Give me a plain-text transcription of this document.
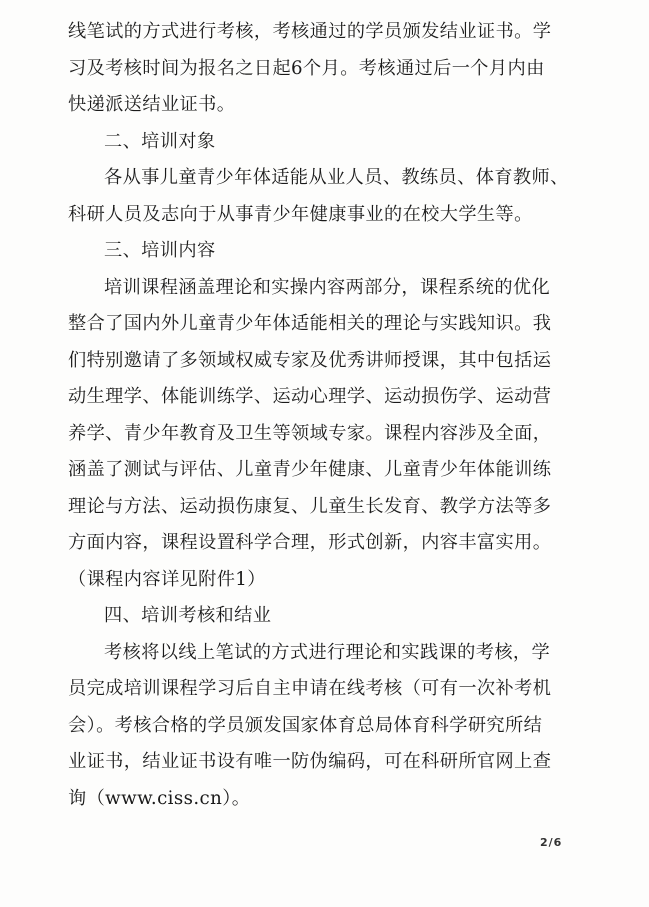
线笔试的方式进行考核，考核通过的学员颁发结业证书。学
习及考核时间为报名之日起6个月。考核通过后一个月内由
快递派送结业证书。
二、培训对象
各从事儿童青少年体适能从业人员、教练员、体育教师、
科研人员及志向于从事青少年健康事业的在校大学生等。
三、培训内容
培训课程涵盖理论和实操内容两部分，课程系统的优化
整合了国内外儿童青少年体适能相关的理论与实践知识。我
们特别邀请了多领域权威专家及优秀讲师授课，其中包括运
动生理学、体能训练学、运动心理学、运动损伤学、运动营
养学、青少年教育及卫生等领域专家。课程内容涉及全面，
涵盖了测试与评估、儿童青少年健康、儿童青少年体能训练
理论与方法、运动损伤康复、儿童生长发育、教学方法等多
方面内容，课程设置科学合理，形式创新，内容丰富实用。
（课程内容详见附件1）
四、培训考核和结业
考核将以线上笔试的方式进行理论和实践课的考核，学
员完成培训课程学习后自主申请在线考核（可有一次补考机
会）。考核合格的学员颁发国家体育总局体育科学研究所结
业证书，结业证书设有唯一防伪编码，可在科研所官网上查
询（www.ciss.cn）。
2/6
